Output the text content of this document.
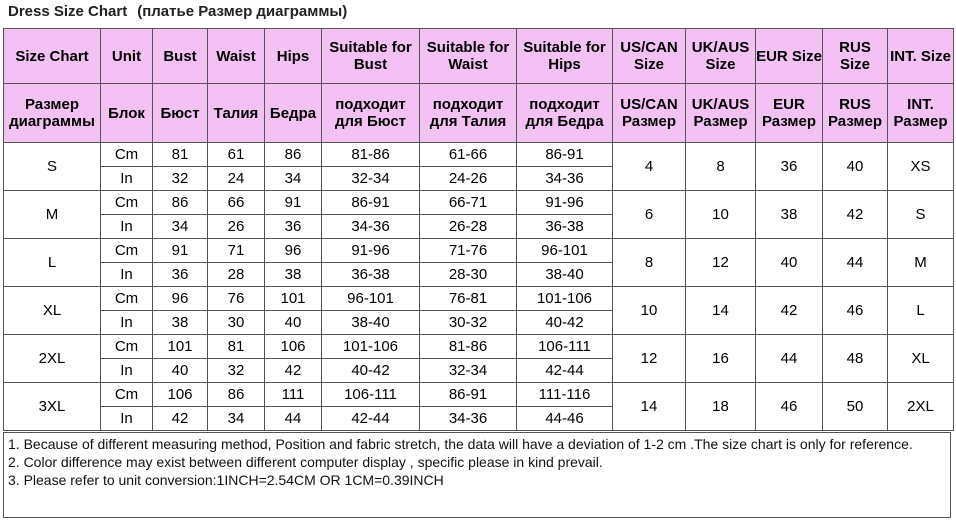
Dress Size Chart (платье Размер диаграммы)
Size Chart	Unit	Bust	Waist	Hips	Suitable for Bust	Suitable for Waist	Suitable for Hips	US/CAN Size	UK/AUS Size	EUR Size	RUS Size	INT. Size
Размер диаграммы	Блок	Бюст	Талия	Бедра	подходит для Бюст	подходит для Талия	подходит для Бедра	US/CAN Размер	UK/AUS Размер	EUR Размер	RUS Размер	INT. Размер
S	Cm	81	61	86	81-86	61-66	86-91	4	8	36	40	XS
	In	32	24	34	32-34	24-26	34-36					
M	Cm	86	66	91	86-91	66-71	91-96	6	10	38	42	S
	In	34	26	36	34-36	26-28	36-38					
L	Cm	91	71	96	91-96	71-76	96-101	8	12	40	44	M
	In	36	28	38	36-38	28-30	38-40					
XL	Cm	96	76	101	96-101	76-81	101-106	10	14	42	46	L
	In	38	30	40	38-40	30-32	40-42					
2XL	Cm	101	81	106	101-106	81-86	106-111	12	16	44	48	XL
	In	40	32	42	40-42	32-34	42-44					
3XL	Cm	106	86	111	106-111	86-91	111-116	14	18	46	50	2XL
	In	42	34	44	42-44	34-36	44-46					
1. Because of different measuring method, Position and fabric stretch, the data will have a deviation of 1-2 cm .The size chart is only for reference.
2. Color difference may exist between different computer display , specific please in kind prevail.
3. Please refer to unit conversion:1INCH=2.54CM OR 1CM=0.39INCH
